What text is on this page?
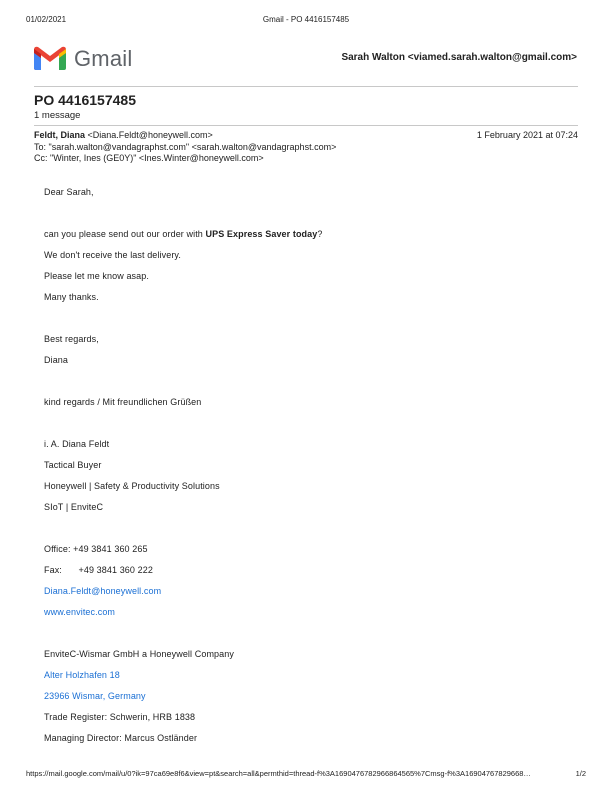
01/02/2021	Gmail - PO 4416157485
Gmail	Sarah Walton <viamed.sarah.walton@gmail.com>
PO 4416157485
1 message
Feldt, Diana <Diana.Feldt@honeywell.com>	1 February 2021 at 07:24
To: "sarah.walton@vandagraphst.com" <sarah.walton@vandagraphst.com>
Cc: "Winter, Ines (GE0Y)" <Ines.Winter@honeywell.com>
Dear Sarah,
can you please send out our order with UPS Express Saver today?
We don't receive the last delivery.
Please let me know asap.
Many thanks.
Best regards,
Diana
kind regards / Mit freundlichen Grüßen
i. A. Diana Feldt
Tactical Buyer
Honeywell | Safety & Productivity Solutions
SIoT | EnviteC
Office: +49 3841 360 265
Fax: +49 3841 360 222
Diana.Feldt@honeywell.com
www.envitec.com
EnviteC-Wismar GmbH a Honeywell Company
Alter Holzhafen 18
23966 Wismar, Germany
Trade Register: Schwerin, HRB 1838
Managing Director: Marcus Ostländer
https://mail.google.com/mail/u/0?ik=97ca69e8f6&view=pt&search=all&permthid=thread-f%3A1690476782966864565%7Cmsg-f%3A16904767829668…	1/2
